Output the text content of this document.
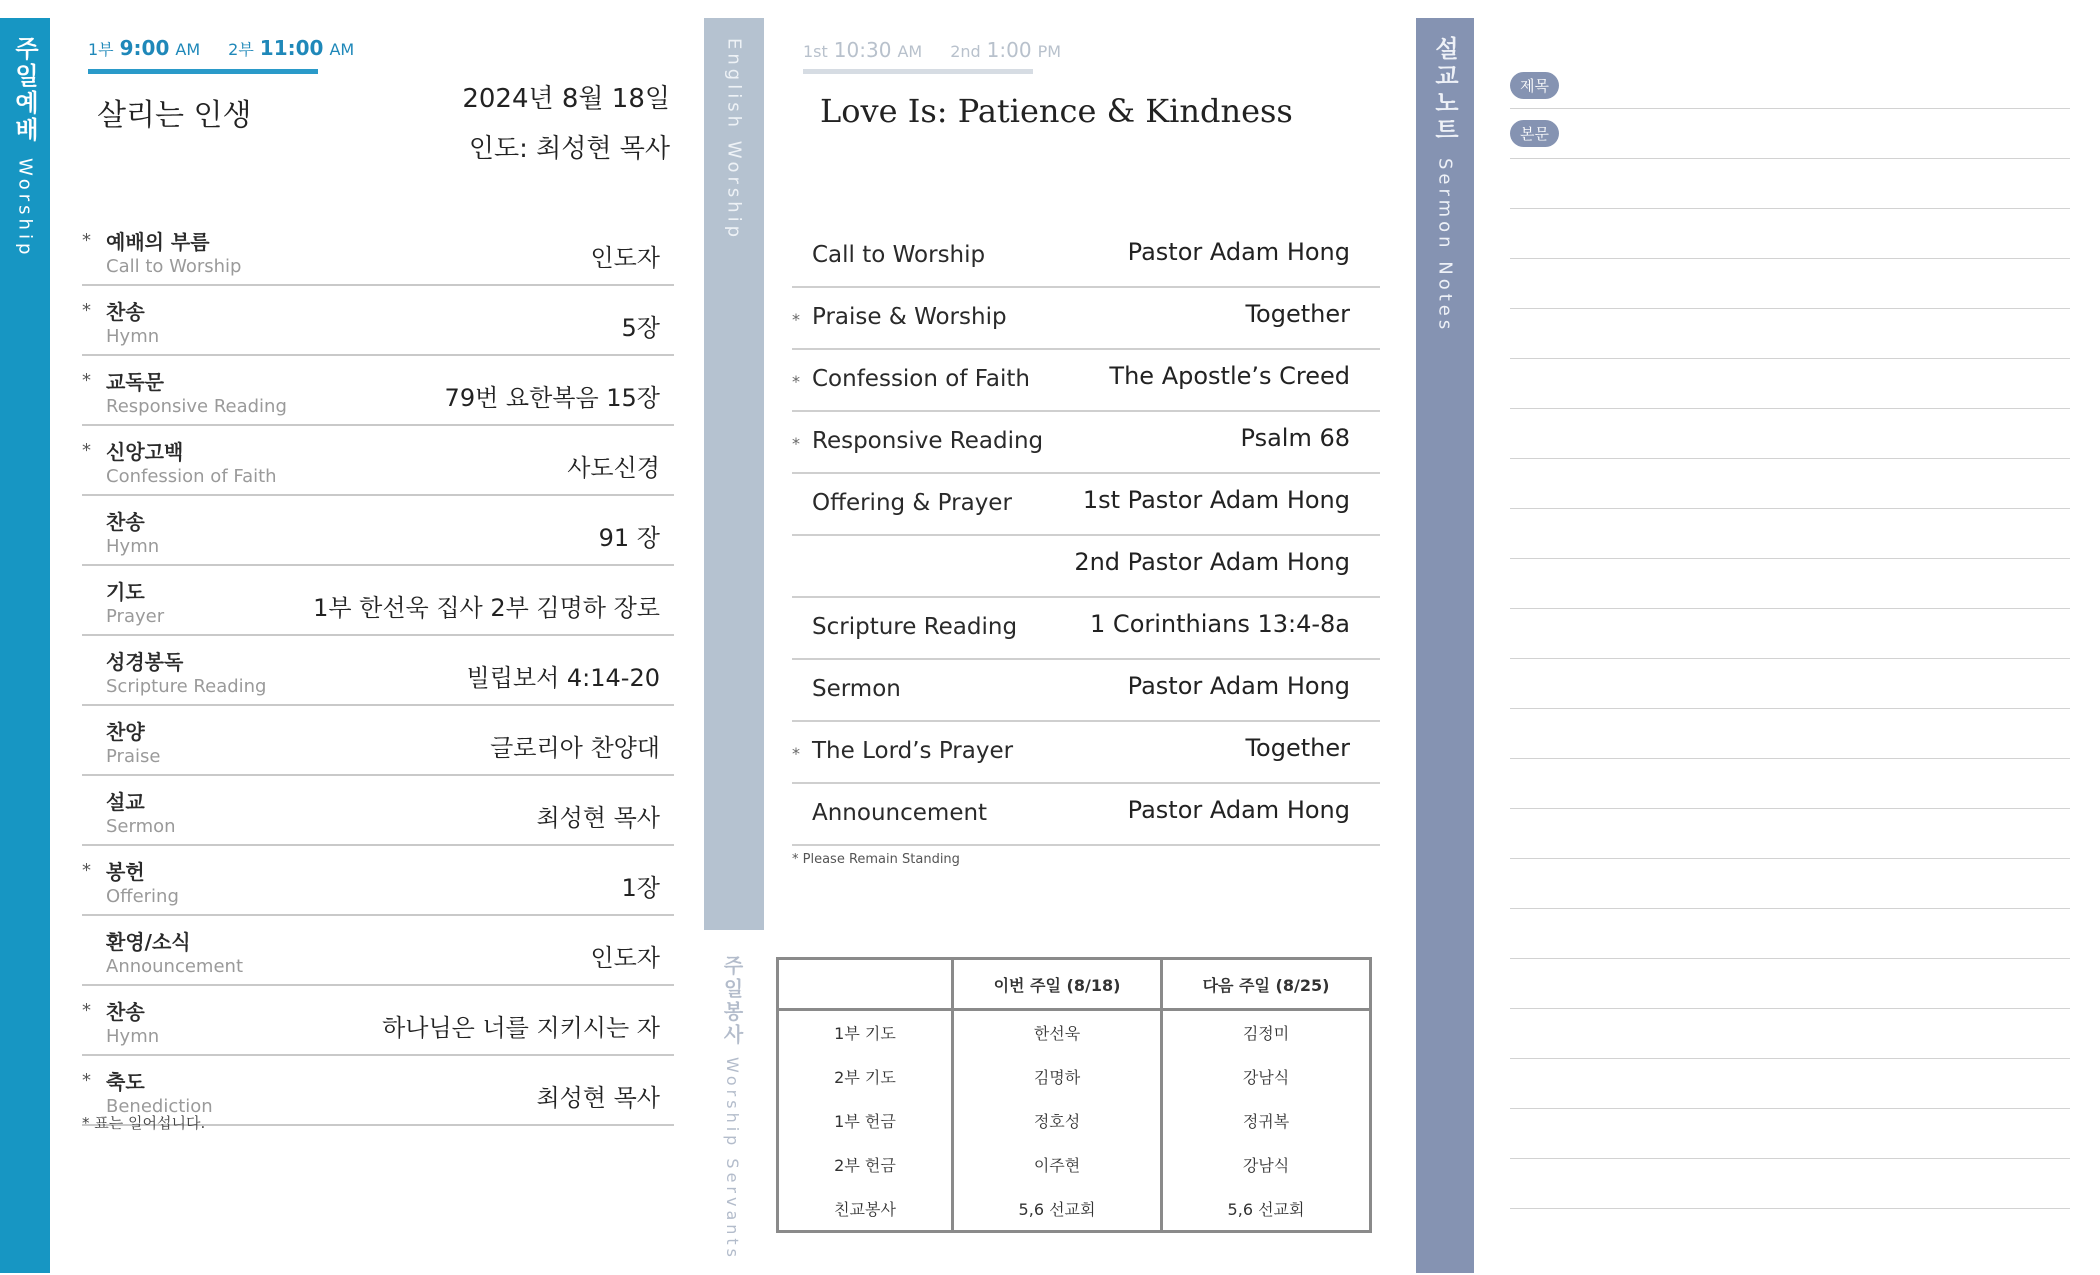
주일예배
Worship	English Worship	설교노트
Sermon Notes
주일봉사
Worship Servants
1부 9:00 AM 2부 11:00 AM
살리는 인생	2024년 8월 18일
인도: 최성현 목사
* 예배의 부름
Call to Worship	인도자
* 찬송
Hymn	5장
* 교독문
Responsive Reading	79번 요한복음 15장
* 신앙고백
Confession of Faith	사도신경
찬송
Hymn	91 장
기도
Prayer	1부 한선욱 집사 2부 김명하 장로
성경봉독
Scripture Reading	빌립보서 4:14-20
찬양
Praise	글로리아 찬양대
설교
Sermon	최성현 목사
* 봉헌
Offering	1장
환영/소식
Announcement	인도자
* 찬송
Hymn	하나님은 너를 지키시는 자
* 축도
Benediction	최성현 목사
* 표는 일어섭니다.
1st 10:30 AM 2nd 1:00 PM
Love Is: Patience & Kindness
Call to Worship	Pastor Adam Hong
* Praise & Worship	Together
* Confession of Faith	The Apostle’s Creed
* Responsive Reading	Psalm 68
Offering & Prayer	1st Pastor Adam Hong
2nd Pastor Adam Hong
Scripture Reading	1 Corinthians 13:4-8a
Sermon	Pastor Adam Hong
* The Lord’s Prayer	Together
Announcement	Pastor Adam Hong
* Please Remain Standing
	이번 주일 (8/18)	다음 주일 (8/25)
1부 기도	한선욱	김정미
2부 기도	김명하	강남식
1부 헌금	정호성	정귀복
2부 헌금	이주현	강남식
친교봉사	5,6 선교회	5,6 선교회
제목
본문
